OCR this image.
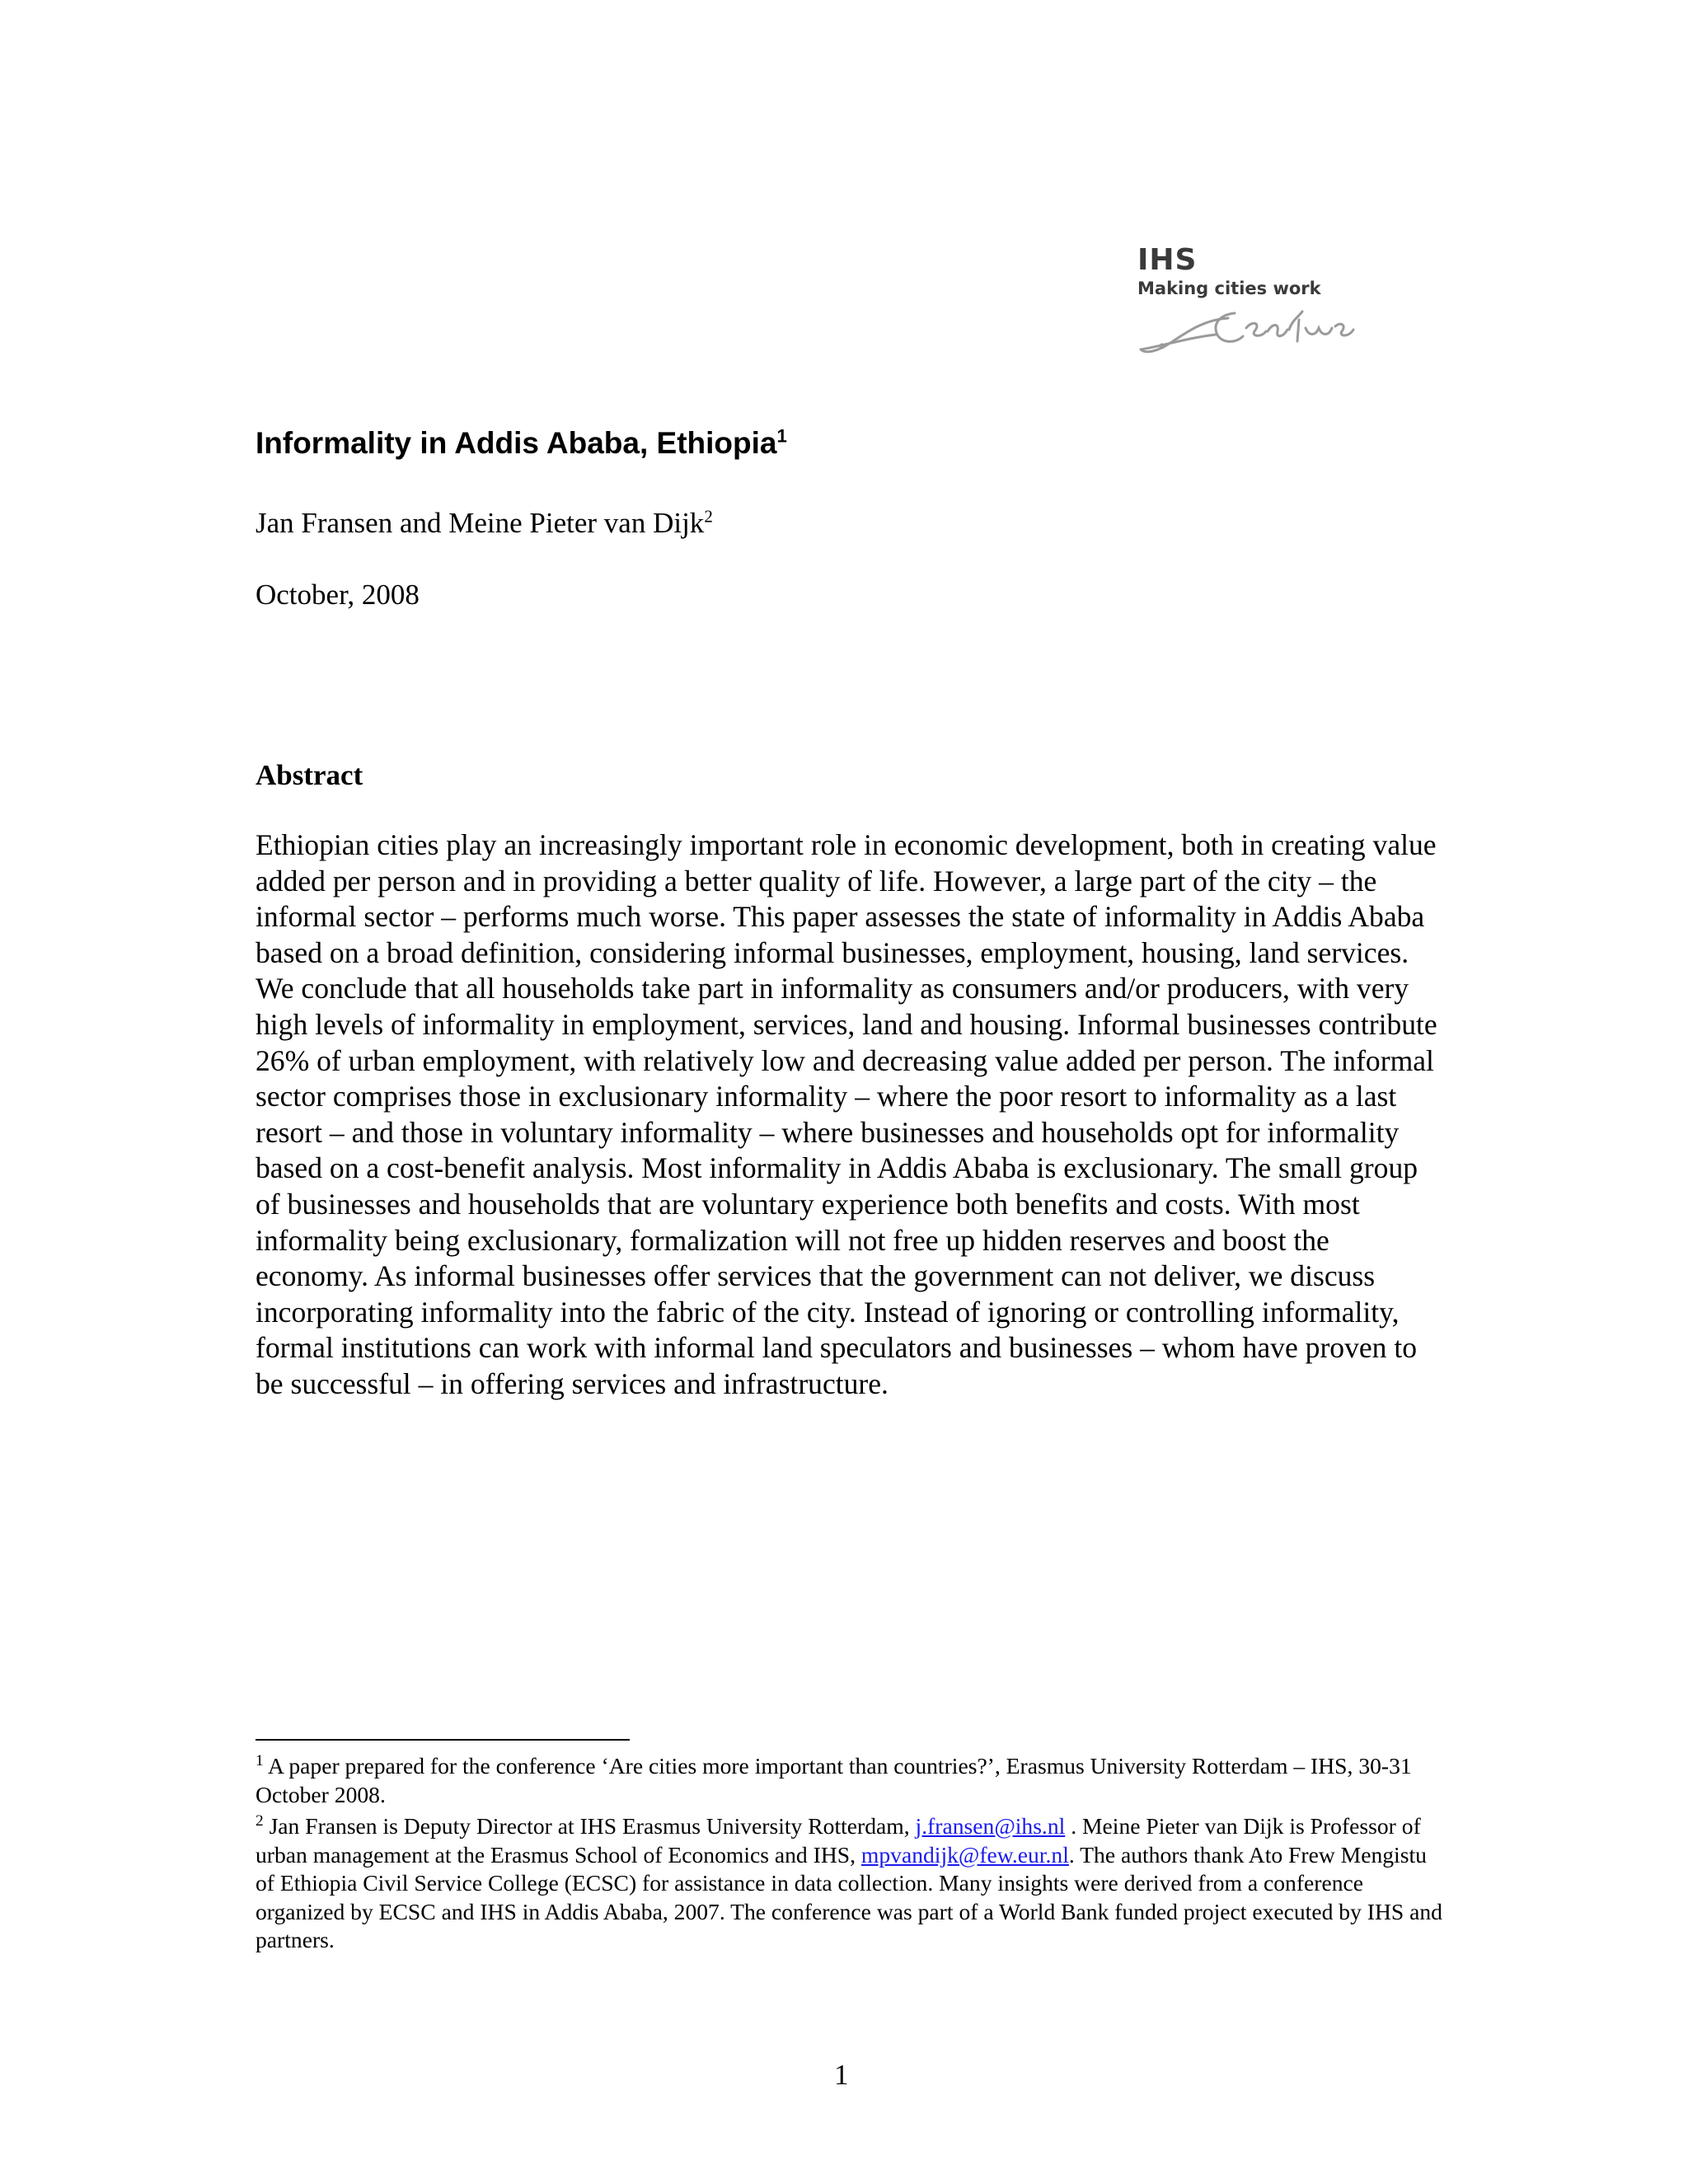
IHS
Making cities work
Informality in Addis Ababa, Ethiopia$^1$
Jan Fransen and Meine Pieter van Dijk$^2$
October, 2008
Abstract

Ethiopian cities play an increasingly important role in economic development, both in creating value added per person and in providing a better quality of life. However, a large part of the city – the informal sector – performs much worse. This paper assesses the state of informality in Addis Ababa based on a broad definition, considering informal businesses, employment, housing, land services. We conclude that all households take part in informality as consumers and/or producers, with very high levels of informality in employment, services, land and housing. Informal businesses contribute 26% of urban employment, with relatively low and decreasing value added per person. The informal sector comprises those in exclusionary informality – where the poor resort to informality as a last resort – and those in voluntary informality – where businesses and households opt for informality based on a cost-benefit analysis. Most informality in Addis Ababa is exclusionary. The small group of businesses and households that are voluntary experience both benefits and costs. With most informality being exclusionary, formalization will not free up hidden reserves and boost the economy. As informal businesses offer services that the government can not deliver, we discuss incorporating informality into the fabric of the city. Instead of ignoring or controlling informality, formal institutions can work with informal land speculators and businesses – whom have proven to be successful – in offering services and infrastructure.

$^1$ A paper prepared for the conference ‘Are cities more important than countries?’, Erasmus University Rotterdam – IHS, 30-31 October 2008.

$^2$ Jan Fransen is Deputy Director at IHS Erasmus University Rotterdam, j.fransen@ihs.nl . Meine Pieter van Dijk is Professor of urban management at the Erasmus School of Economics and IHS, mpvandijk@few.eur.nl. The authors thank Ato Frew Mengistu of Ethiopia Civil Service College (ECSC) for assistance in data collection. Many insights were derived from a conference organized by ECSC and IHS in Addis Ababa, 2007. The conference was part of a World Bank funded project executed by IHS and partners.

1
